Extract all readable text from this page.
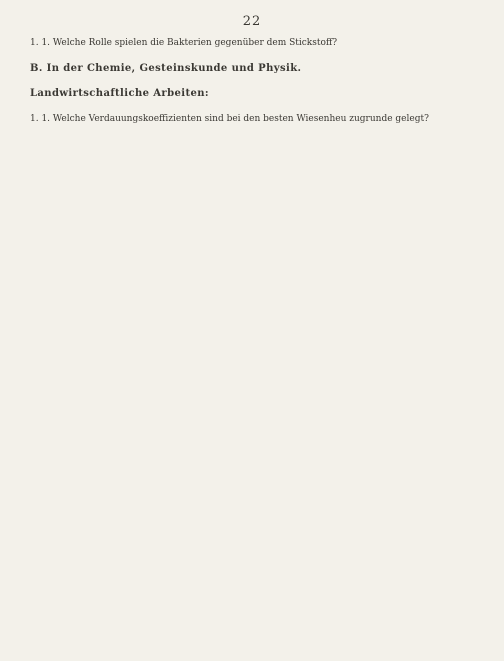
22
1. 1. Welche Rolle spielen die Bakterien gegenüber dem Stickstoff?
B. In der Chemie, Gesteinskunde und Physik.
Landwirtschaftliche Arbeiten:
1. 1. Welche Verdauungskoeffizienten sind bei den besten Wiesenheu zugrunde gelegt?
